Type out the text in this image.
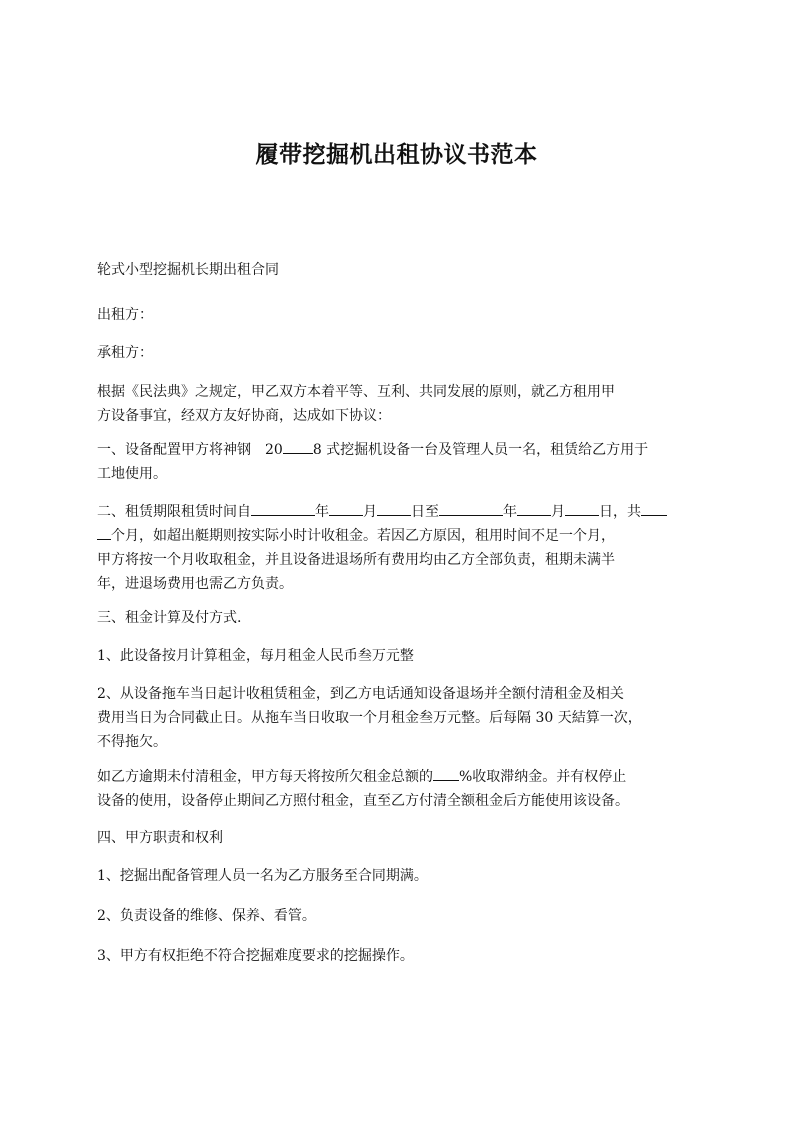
履带挖掘机出租协议书范本

轮式小型挖掘机长期出租合同

出租方：

承租方：

根据《民法典》之规定，甲乙双方本着平等、互利、共同发展的原则，就乙方租用甲
方设备事宜，经双方友好协商，达成如下协议：

一、设备配置甲方将神钢　20 8 式挖掘机设备一台及管理人员一名，租赁给乙方用于
工地使用。

二、租赁期限租赁时间自	年 月 日至	年 月 日，共
个月，如超出艇期则按实际小时计收租金。若因乙方原因，租用时间不足一个月，
甲方将按一个月收取租金，并且设备进退场所有费用均由乙方全部负责，租期未满半
年，进退场费用也需乙方负责。

三、租金计算及付方式.

1、此设备按月计算租金，每月租金人民币叁万元整

2、从设备拖车当日起计收租赁租金，到乙方电话通知设备退场并全额付清租金及相关
费用当日为合同截止日。从拖车当日收取一个月租金叁万元整。后每隔 30 天結算一次，
不得拖欠。

如乙方逾期未付清租金，甲方每天将按所欠租金总额的 %收取滞纳金。并有权停止
设备的使用，设备停止期间乙方照付租金，直至乙方付清全额租金后方能使用该设备。

四、甲方职责和权利

1、挖掘出配备管理人员一名为乙方服务至合同期满。

2、负责设备的维修、保养、看管。

3、甲方有权拒绝不符合挖掘难度要求的挖掘操作。
